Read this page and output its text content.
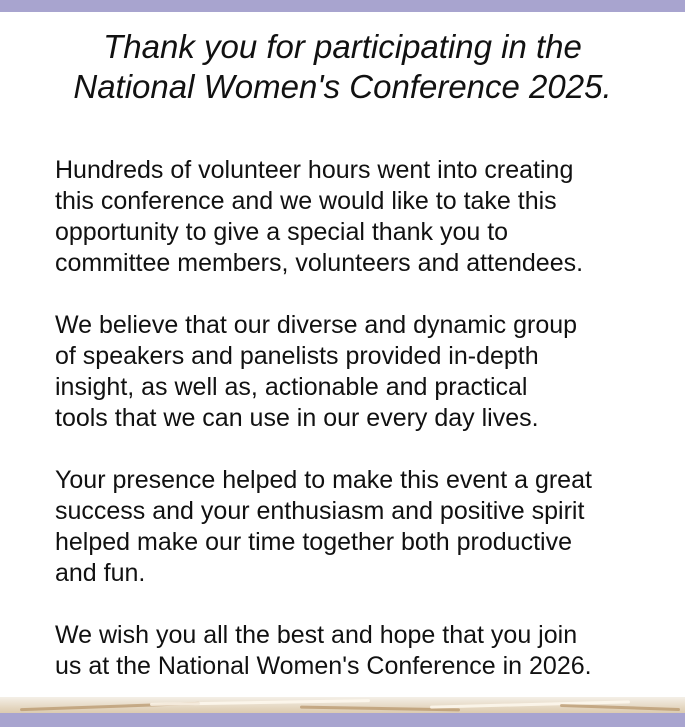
Thank you for participating in the
National Women's Conference 2025.

Hundreds of volunteer hours went into creating
this conference and we would like to take this
opportunity to give a special thank you to
committee members, volunteers and attendees.

We believe that our diverse and dynamic group
of speakers and panelists provided in-depth
insight, as well as, actionable and practical
tools that we can use in our every day lives.

Your presence helped to make this event a great
success and your enthusiasm and positive spirit
helped make our time together both productive
and fun.

We wish you all the best and hope that you join
us at the National Women's Conference in 2026.
